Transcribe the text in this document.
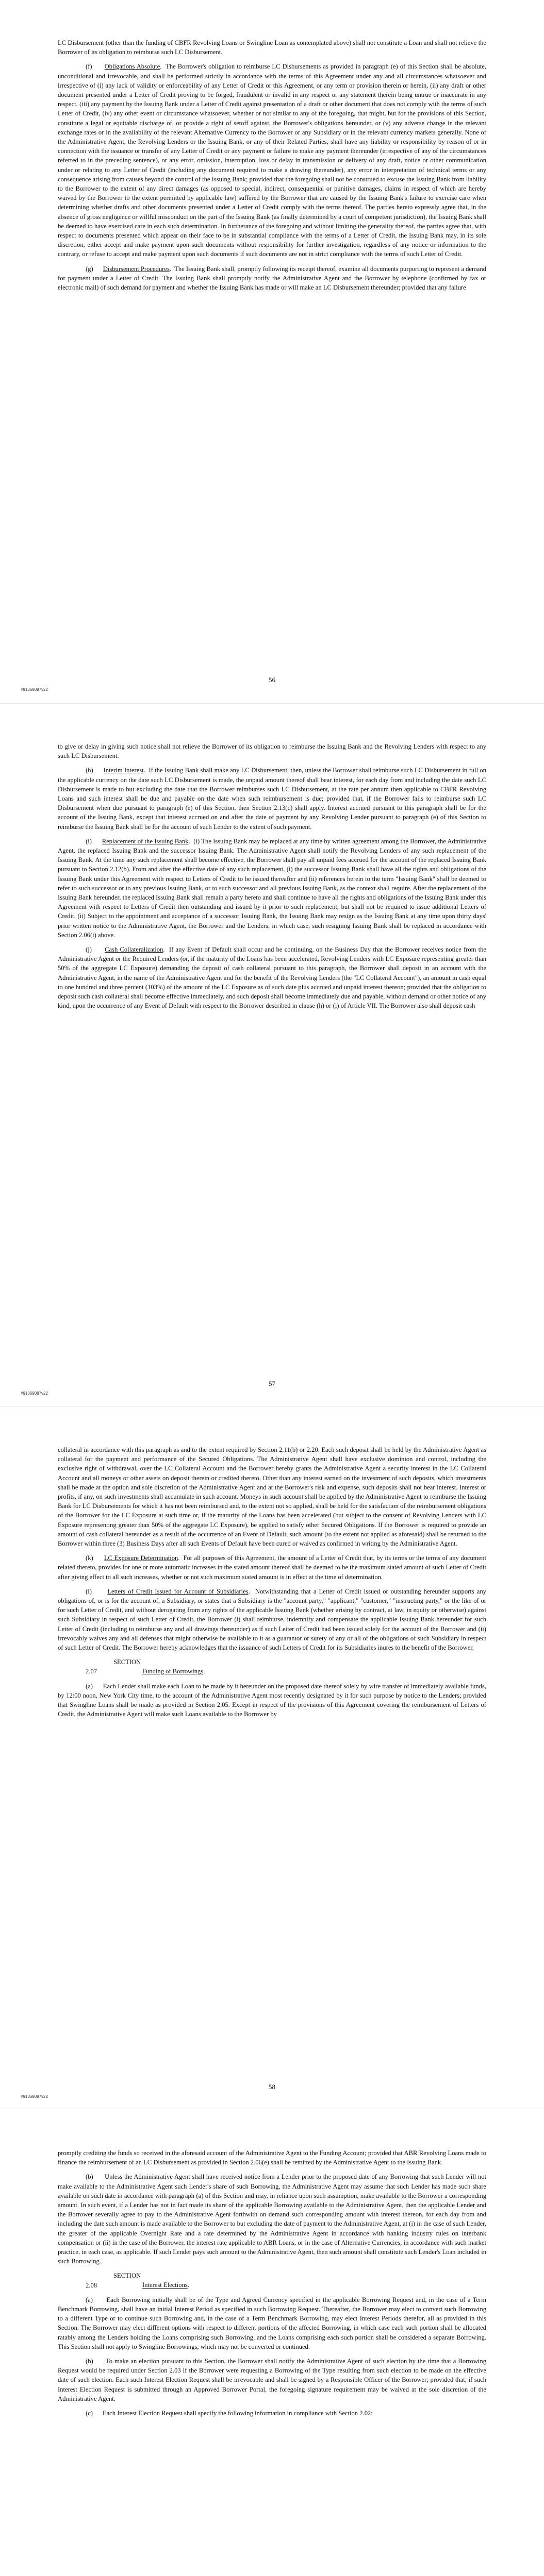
LC Disbursement (other than the funding of CBFR Revolving Loans or Swingline Loan as contemplated above) shall not constitute a Loan and shall not relieve the Borrower of its obligation to reimburse such LC Disbursement.

(f) Obligations Absolute.  The Borrower's obligation to reimburse LC Disbursements as provided in paragraph (e) of this Section shall be absolute, unconditional and irrevocable, and shall be performed strictly in accordance with the terms of this Agreement under any and all circumstances whatsoever and irrespective of (i) any lack of validity or enforceability of any Letter of Credit or this Agreement, or any term or provision therein or herein, (ii) any draft or other document presented under a Letter of Credit proving to be forged, fraudulent or invalid in any respect or any statement therein being untrue or inaccurate in any respect, (iii) any payment by the Issuing Bank under a Letter of Credit against presentation of a draft or other document that does not comply with the terms of such Letter of Credit, (iv) any other event or circumstance whatsoever, whether or not similar to any of the foregoing, that might, but for the provisions of this Section, constitute a legal or equitable discharge of, or provide a right of setoff against, the Borrower's obligations hereunder, or (v) any adverse change in the relevant exchange rates or in the availability of the relevant Alternative Currency to the Borrower or any Subsidiary or in the relevant currency markets generally. None of the Administrative Agent, the Revolving Lenders or the Issuing Bank, or any of their Related Parties, shall have any liability or responsibility by reason of or in connection with the issuance or transfer of any Letter of Credit or any payment or failure to make any payment thereunder (irrespective of any of the circumstances referred to in the preceding sentence), or any error, omission, interruption, loss or delay in transmission or delivery of any draft, notice or other communication under or relating to any Letter of Credit (including any document required to make a drawing thereunder), any error in interpretation of technical terms or any consequence arising from causes beyond the control of the Issuing Bank; provided that the foregoing shall not be construed to excuse the Issuing Bank from liability to the Borrower to the extent of any direct damages (as opposed to special, indirect, consequential or punitive damages, claims in respect of which are hereby waived by the Borrower to the extent permitted by applicable law) suffered by the Borrower that are caused by the Issuing Bank's failure to exercise care when determining whether drafts and other documents presented under a Letter of Credit comply with the terms thereof. The parties hereto expressly agree that, in the absence of gross negligence or willful misconduct on the part of the Issuing Bank (as finally determined by a court of competent jurisdiction), the Issuing Bank shall be deemed to have exercised care in each such determination. In furtherance of the foregoing and without limiting the generality thereof, the parties agree that, with respect to documents presented which appear on their face to be in substantial compliance with the terms of a Letter of Credit, the Issuing Bank may, in its sole discretion, either accept and make payment upon such documents without responsibility for further investigation, regardless of any notice or information to the contrary, or refuse to accept and make payment upon such documents if such documents are not in strict compliance with the terms of such Letter of Credit.

(g) Disbursement Procedures.  The Issuing Bank shall, promptly following its receipt thereof, examine all documents purporting to represent a demand for payment under a Letter of Credit. The Issuing Bank shall promptly notify the Administrative Agent and the Borrower by telephone (confirmed by fax or electronic mail) of such demand for payment and whether the Issuing Bank has made or will make an LC Disbursement thereunder; provided that any failure

56
#91369087v22

to give or delay in giving such notice shall not relieve the Borrower of its obligation to reimburse the Issuing Bank and the Revolving Lenders with respect to any such LC Disbursement.

(h) Interim Interest.  If the Issuing Bank shall make any LC Disbursement, then, unless the Borrower shall reimburse such LC Disbursement in full on the applicable currency on the date such LC Disbursement is made, the unpaid amount thereof shall bear interest, for each day from and including the date such LC Disbursement is made to but excluding the date that the Borrower reimburses such LC Disbursement, at the rate per annum then applicable to CBFR Revolving Loans and such interest shall be due and payable on the date when such reimbursement is due; provided that, if the Borrower fails to reimburse such LC Disbursement when due pursuant to paragraph (e) of this Section, then Section 2.13(c) shall apply. Interest accrued pursuant to this paragraph shall be for the account of the Issuing Bank, except that interest accrued on and after the date of payment by any Revolving Lender pursuant to paragraph (e) of this Section to reimburse the Issuing Bank shall be for the account of such Lender to the extent of such payment.

(i) Replacement of the Issuing Bank.  (i) The Issuing Bank may be replaced at any time by written agreement among the Borrower, the Administrative Agent, the replaced Issuing Bank and the successor Issuing Bank. The Administrative Agent shall notify the Revolving Lenders of any such replacement of the Issuing Bank. At the time any such replacement shall become effective, the Borrower shall pay all unpaid fees accrued for the account of the replaced Issuing Bank pursuant to Section 2.12(b). From and after the effective date of any such replacement, (i) the successor Issuing Bank shall have all the rights and obligations of the Issuing Bank under this Agreement with respect to Letters of Credit to be issued thereafter and (ii) references herein to the term "Issuing Bank" shall be deemed to refer to such successor or to any previous Issuing Bank, or to such successor and all previous Issuing Bank, as the context shall require. After the replacement of the Issuing Bank hereunder, the replaced Issuing Bank shall remain a party hereto and shall continue to have all the rights and obligations of the Issuing Bank under this Agreement with respect to Letters of Credit then outstanding and issued by it prior to such replacement, but shall not be required to issue additional Letters of Credit. (ii) Subject to the appointment and acceptance of a successor Issuing Bank, the Issuing Bank may resign as the Issuing Bank at any time upon thirty days' prior written notice to the Administrative Agent, the Borrower and the Lenders, in which case, such resigning Issuing Bank shall be replaced in accordance with Section 2.06(i) above.

(j) Cash Collateralization.  If any Event of Default shall occur and be continuing, on the Business Day that the Borrower receives notice from the Administrative Agent or the Required Lenders (or, if the maturity of the Loans has been accelerated, Revolving Lenders with LC Exposure representing greater than 50% of the aggregate LC Exposure) demanding the deposit of cash collateral pursuant to this paragraph, the Borrower shall deposit in an account with the Administrative Agent, in the name of the Administrative Agent and for the benefit of the Revolving Lenders (the "LC Collateral Account"), an amount in cash equal to one hundred and three percent (103%) of the amount of the LC Exposure as of such date plus accrued and unpaid interest thereon; provided that the obligation to deposit such cash collateral shall become effective immediately, and such deposit shall become immediately due and payable, without demand or other notice of any kind, upon the occurrence of any Event of Default with respect to the Borrower described in clause (h) or (i) of Article VII. The Borrower also shall deposit cash

57
#91369087v22

collateral in accordance with this paragraph as and to the extent required by Section 2.11(b) or 2.20. Each such deposit shall be held by the Administrative Agent as collateral for the payment and performance of the Secured Obligations. The Administrative Agent shall have exclusive dominion and control, including the exclusive right of withdrawal, over the LC Collateral Account and the Borrower hereby grants the Administrative Agent a security interest in the LC Collateral Account and all moneys or other assets on deposit therein or credited thereto. Other than any interest earned on the investment of such deposits, which investments shall be made at the option and sole discretion of the Administrative Agent and at the Borrower's risk and expense, such deposits shall not bear interest. Interest or profits, if any, on such investments shall accumulate in such account. Moneys in such account shall be applied by the Administrative Agent to reimburse the Issuing Bank for LC Disbursements for which it has not been reimbursed and, to the extent not so applied, shall be held for the satisfaction of the reimbursement obligations of the Borrower for the LC Exposure at such time or, if the maturity of the Loans has been accelerated (but subject to the consent of Revolving Lenders with LC Exposure representing greater than 50% of the aggregate LC Exposure), be applied to satisfy other Secured Obligations. If the Borrower is required to provide an amount of cash collateral hereunder as a result of the occurrence of an Event of Default, such amount (to the extent not applied as aforesaid) shall be returned to the Borrower within three (3) Business Days after all such Events of Default have been cured or waived as confirmed in writing by the Administrative Agent.

(k) LC Exposure Determination.  For all purposes of this Agreement, the amount of a Letter of Credit that, by its terms or the terms of any document related thereto, provides for one or more automatic increases in the stated amount thereof shall be deemed to be the maximum stated amount of such Letter of Credit after giving effect to all such increases, whether or not such maximum stated amount is in effect at the time of determination.

(l) Letters of Credit Issued for Account of Subsidiaries.  Notwithstanding that a Letter of Credit issued or outstanding hereunder supports any obligations of, or is for the account of, a Subsidiary, or states that a Subsidiary is the "account party," "applicant," "customer," "instructing party," or the like of or for such Letter of Credit, and without derogating from any rights of the applicable Issuing Bank (whether arising by contract, at law, in equity or otherwise) against such Subsidiary in respect of such Letter of Credit, the Borrower (i) shall reimburse, indemnify and compensate the applicable Issuing Bank hereunder for such Letter of Credit (including to reimburse any and all drawings thereunder) as if such Letter of Credit had been issued solely for the account of the Borrower and (ii) irrevocably waives any and all defenses that might otherwise be available to it as a guarantor or surety of any or all of the obligations of such Subsidiary in respect of such Letter of Credit. The Borrower hereby acknowledges that the issuance of such Letters of Credit for its Subsidiaries inures to the benefit of the Borrower.

SECTION 2.07	Funding of Borrowings.

(a) Each Lender shall make each Loan to be made by it hereunder on the proposed date thereof solely by wire transfer of immediately available funds, by 12:00 noon, New York City time, to the account of the Administrative Agent most recently designated by it for such purpose by notice to the Lenders; provided that Swingline Loans shall be made as provided in Section 2.05. Except in respect of the provisions of this Agreement covering the reimbursement of Letters of Credit, the Administrative Agent will make such Loans available to the Borrower by

58
#91369087v22

promptly crediting the funds so received in the aforesaid account of the Administrative Agent to the Funding Account; provided that ABR Revolving Loans made to finance the reimbursement of an LC Disbursement as provided in Section 2.06(e) shall be remitted by the Administrative Agent to the Issuing Bank.

(b) Unless the Administrative Agent shall have received notice from a Lender prior to the proposed date of any Borrowing that such Lender will not make available to the Administrative Agent such Lender's share of such Borrowing, the Administrative Agent may assume that such Lender has made such share available on such date in accordance with paragraph (a) of this Section and may, in reliance upon such assumption, make available to the Borrower a corresponding amount. In such event, if a Lender has not in fact made its share of the applicable Borrowing available to the Administrative Agent, then the applicable Lender and the Borrower severally agree to pay to the Administrative Agent forthwith on demand such corresponding amount with interest thereon, for each day from and including the date such amount is made available to the Borrower to but excluding the date of payment to the Administrative Agent, at (i) in the case of such Lender, the greater of the applicable Overnight Rate and a rate determined by the Administrative Agent in accordance with banking industry rules on interbank compensation or (ii) in the case of the Borrower, the interest rate applicable to ABR Loans, or in the case of Alternative Currencies, in accordance with such market practice, in each case, as applicable. If such Lender pays such amount to the Administrative Agent, then such amount shall constitute such Lender's Loan included in such Borrowing.

SECTION 2.08	Interest Elections.

(a) Each Borrowing initially shall be of the Type and Agreed Currency specified in the applicable Borrowing Request and, in the case of a Term Benchmark Borrowing, shall have an initial Interest Period as specified in such Borrowing Request. Thereafter, the Borrower may elect to convert such Borrowing to a different Type or to continue such Borrowing and, in the case of a Term Benchmark Borrowing, may elect Interest Periods therefor, all as provided in this Section. The Borrower may elect different options with respect to different portions of the affected Borrowing, in which case each such portion shall be allocated ratably among the Lenders holding the Loans comprising such Borrowing, and the Loans comprising each such portion shall be considered a separate Borrowing. This Section shall not apply to Swingline Borrowings, which may not be converted or continued.

(b) To make an election pursuant to this Section, the Borrower shall notify the Administrative Agent of such election by the time that a Borrowing Request would be required under Section 2.03 if the Borrower were requesting a Borrowing of the Type resulting from such election to be made on the effective date of such election. Each such Interest Election Request shall be irrevocable and shall be signed by a Responsible Officer of the Borrower; provided that, if such Interest Election Request is submitted through an Approved Borrower Portal, the foregoing signature requirement may be waived at the sole discretion of the Administrative Agent.

(c) Each Interest Election Request shall specify the following information in compliance with Section 2.02:
